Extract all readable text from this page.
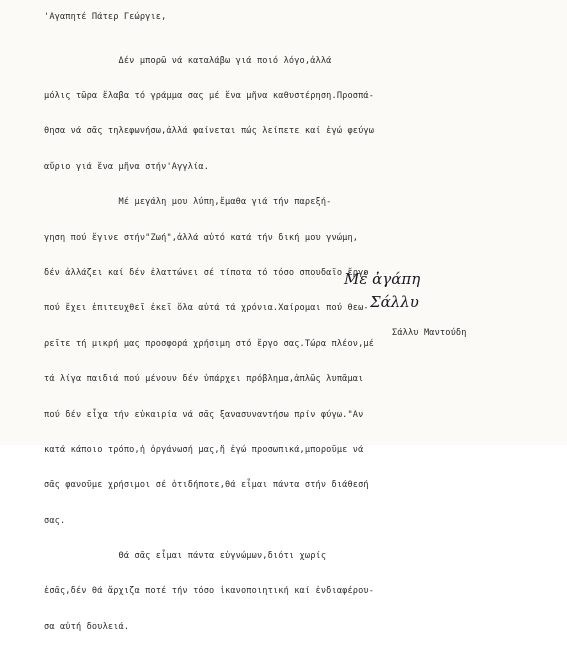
'Αγαπητέ Πάτερ Γεώργιε,

Δέν μπορῶ νά καταλάβω γιά ποιό λόγο,ἀλλά

μόλις τῶρα ἔλαβα τό γράμμα σας μέ ἕνα μῆνα καθυστέρηση.Προσπά-

θησα νά σᾶς τηλεφωνήσω,ἀλλά φαίνεται πώς λείπετε καί ἐγώ φεύγω

αὔριο γιά ἕνα μῆνα στήν'Αγγλία.

Μέ μεγάλη μου λύπη,ἔμαθα γιά τήν παρεξή-

γηση πού ἔγινε στήν"Ζωή",ἀλλά αὐτό κατά τήν δική μου γνώμη,

δέν ἀλλάζει καί δέν ἐλαττώνει σέ τίποτα τό τόσο σπουδαῖο ἔργο

πού ἔχει ἐπιτευχθεῖ ἐκεῖ ὅλα αὐτά τά χρόνια.Χαίρομαι πού θεω-

ρεῖτε τή μικρή μας προσφορά χρήσιμη στό ἔργο σας.Τώρα πλέον,μέ

τά λίγα παιδιά πού μένουν δέν ὑπάρχει πρόβλημα,ἁπλῶς λυπᾶμαι

πού δέν εἶχα τήν εὐκαιρία νά σᾶς ξανασυναντήσω πρίν φύγω."Αν

κατά κάποιο τρόπο,ἡ ὀργάνωσή μας,ἤ ἐγώ προσωπικά,μποροῦμε νά

σᾶς φανοῦμε χρήσιμοι σέ ὁτιδήποτε,θά εἶμαι πάντα στήν διάθεσή

σας.

Θά σᾶς εἶμαι πάντα εὐγνώμων,διότι χωρίς

ἐσᾶς,δέν θά ἄρχιζα ποτέ τήν τόσο ἱκανοποιητική καί ἐνδιαφέρου-

σα αὐτή δουλειά.

Μέ ἀγάπη
Σάλλυ
Σάλλυ Μαντούδη
